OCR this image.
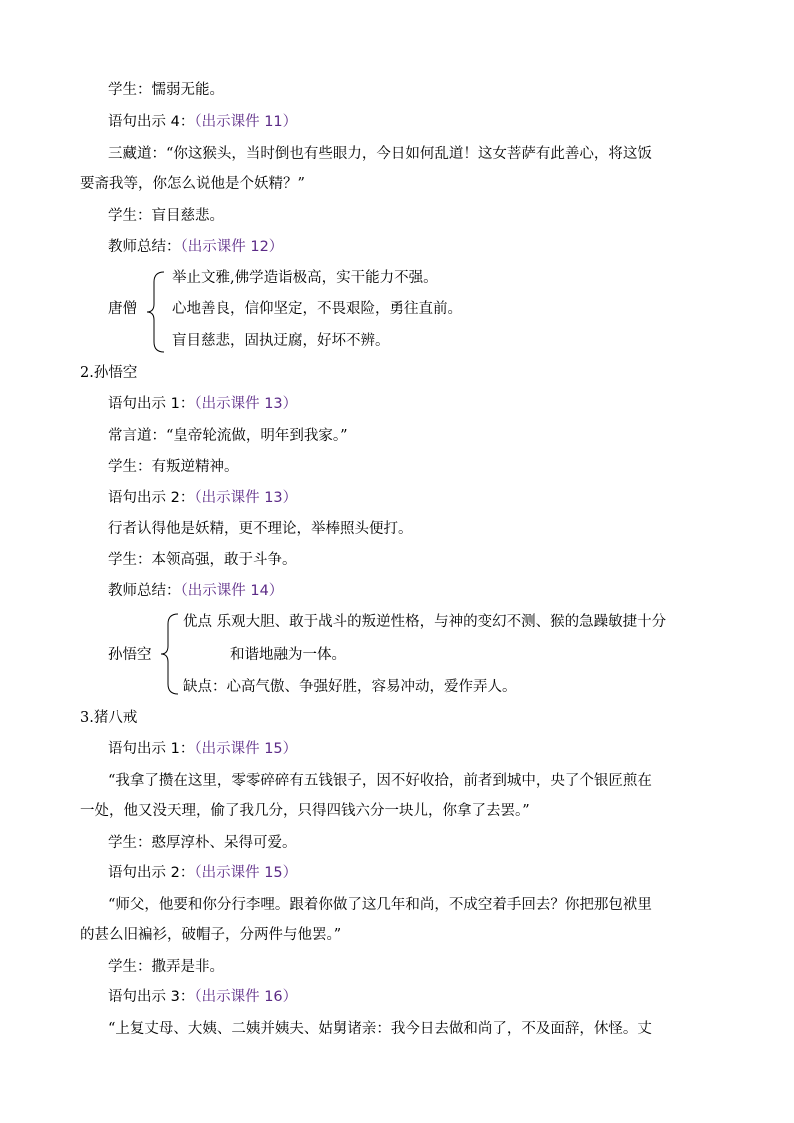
学生：懦弱无能。
语句出示 4：（出示课件 11）
三藏道：“你这猴头，当时倒也有些眼力，今日如何乱道！这女菩萨有此善心，将这饭
要斋我等，你怎么说他是个妖精？”
学生：盲目慈悲。
教师总结：（出示课件 12）
唐僧
举止文雅,佛学造诣极高，实干能力不强。
心地善良，信仰坚定，不畏艰险，勇往直前。
盲目慈悲，固执迂腐，好坏不辨。
2.孙悟空
语句出示 1：（出示课件 13）
常言道：“皇帝轮流做，明年到我家。”
学生：有叛逆精神。
语句出示 2：（出示课件 13）
行者认得他是妖精，更不理论，举棒照头便打。
学生：本领高强，敢于斗争。
教师总结：（出示课件 14）
孙悟空
优点 乐观大胆、敢于战斗的叛逆性格，与神的变幻不测、猴的急躁敏捷十分
和谐地融为一体。
缺点：心高气傲、争强好胜，容易冲动，爱作弄人。
3.猪八戒
语句出示 1：（出示课件 15）
“我拿了攒在这里，零零碎碎有五钱银子，因不好收拾，前者到城中，央了个银匠煎在
一处，他又没天理，偷了我几分，只得四钱六分一块儿，你拿了去罢。”
学生：憨厚淳朴、呆得可爱。
语句出示 2：（出示课件 15）
“师父，他要和你分行李哩。跟着你做了这几年和尚，不成空着手回去？你把那包袱里
的甚么旧褊衫，破帽子，分两件与他罢。”
学生：撒弄是非。
语句出示 3：（出示课件 16）
“上复丈母、大姨、二姨并姨夫、姑舅诸亲：我今日去做和尚了，不及面辞，休怪。丈
